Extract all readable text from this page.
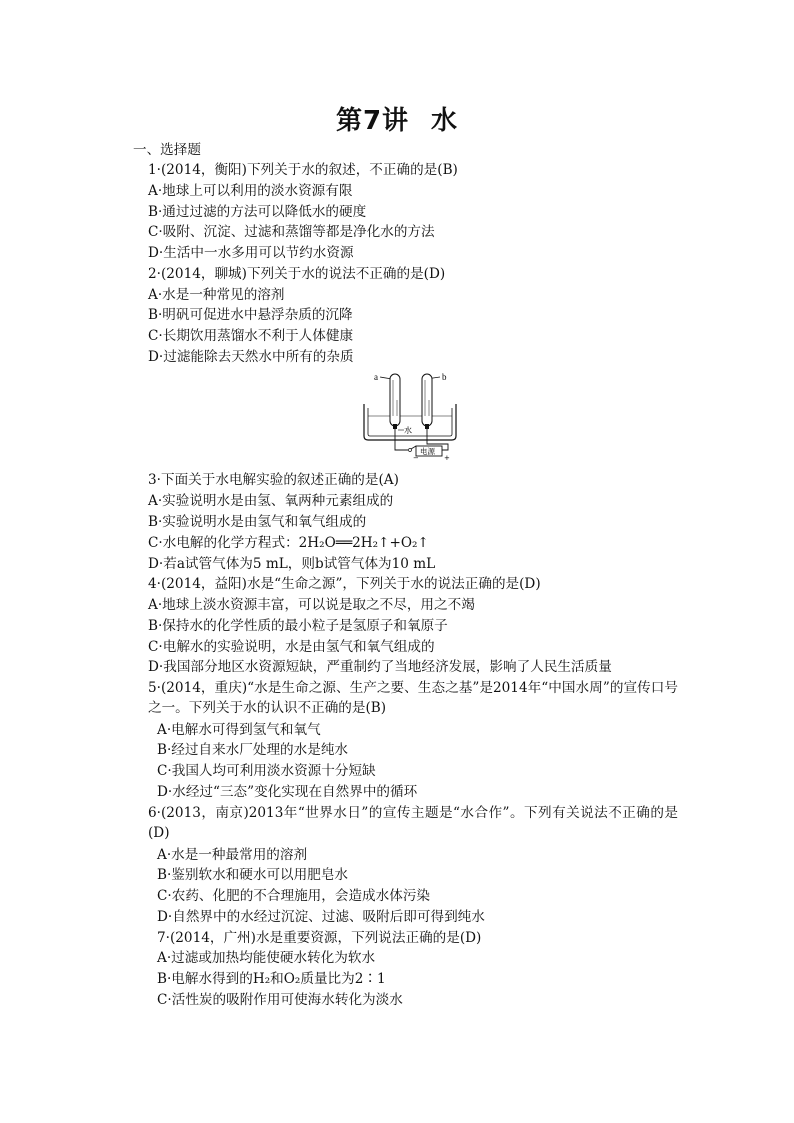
第7讲 水
一、选择题
1·(2014，衡阳)下列关于水的叙述，不正确的是(B)
A·地球上可以利用的淡水资源有限
B·通过过滤的方法可以降低水的硬度
C·吸附、沉淀、过滤和蒸馏等都是净化水的方法
D·生活中一水多用可以节约水资源
2·(2014，聊城)下列关于水的说法不正确的是(D)
A·水是一种常见的溶剂
B·明矾可促进水中悬浮杂质的沉降
C·长期饮用蒸馏水不利于人体健康
D·过滤能除去天然水中所有的杂质
a	b
水
电源
−	+
3·下面关于水电解实验的叙述正确的是(A)
A·实验说明水是由氢、氧两种元素组成的
B·实验说明水是由氢气和氧气组成的
C·水电解的化学方程式：2H₂O══2H₂↑+O₂↑
D·若a试管气体为5 mL，则b试管气体为10 mL
4·(2014，益阳)水是“生命之源”，下列关于水的说法正确的是(D)
A·地球上淡水资源丰富，可以说是取之不尽，用之不竭
B·保持水的化学性质的最小粒子是氢原子和氧原子
C·电解水的实验说明，水是由氢气和氧气组成的
D·我国部分地区水资源短缺，严重制约了当地经济发展，影响了人民生活质量
5·(2014，重庆)“水是生命之源、生产之要、生态之基”是2014年“中国水周”的宣传口号之一。下列关于水的认识不正确的是(B)
A·电解水可得到氢气和氧气
B·经过自来水厂处理的水是纯水
C·我国人均可利用淡水资源十分短缺
D·水经过“三态”变化实现在自然界中的循环
6·(2013，南京)2013年“世界水日”的宣传主题是“水合作”。下列有关说法不正确的是(D)
A·水是一种最常用的溶剂
B·鉴别软水和硬水可以用肥皂水
C·农药、化肥的不合理施用，会造成水体污染
D·自然界中的水经过沉淀、过滤、吸附后即可得到纯水
7·(2014，广州)水是重要资源，下列说法正确的是(D)
A·过滤或加热均能使硬水转化为软水
B·电解水得到的H₂和O₂质量比为2∶1
C·活性炭的吸附作用可使海水转化为淡水
